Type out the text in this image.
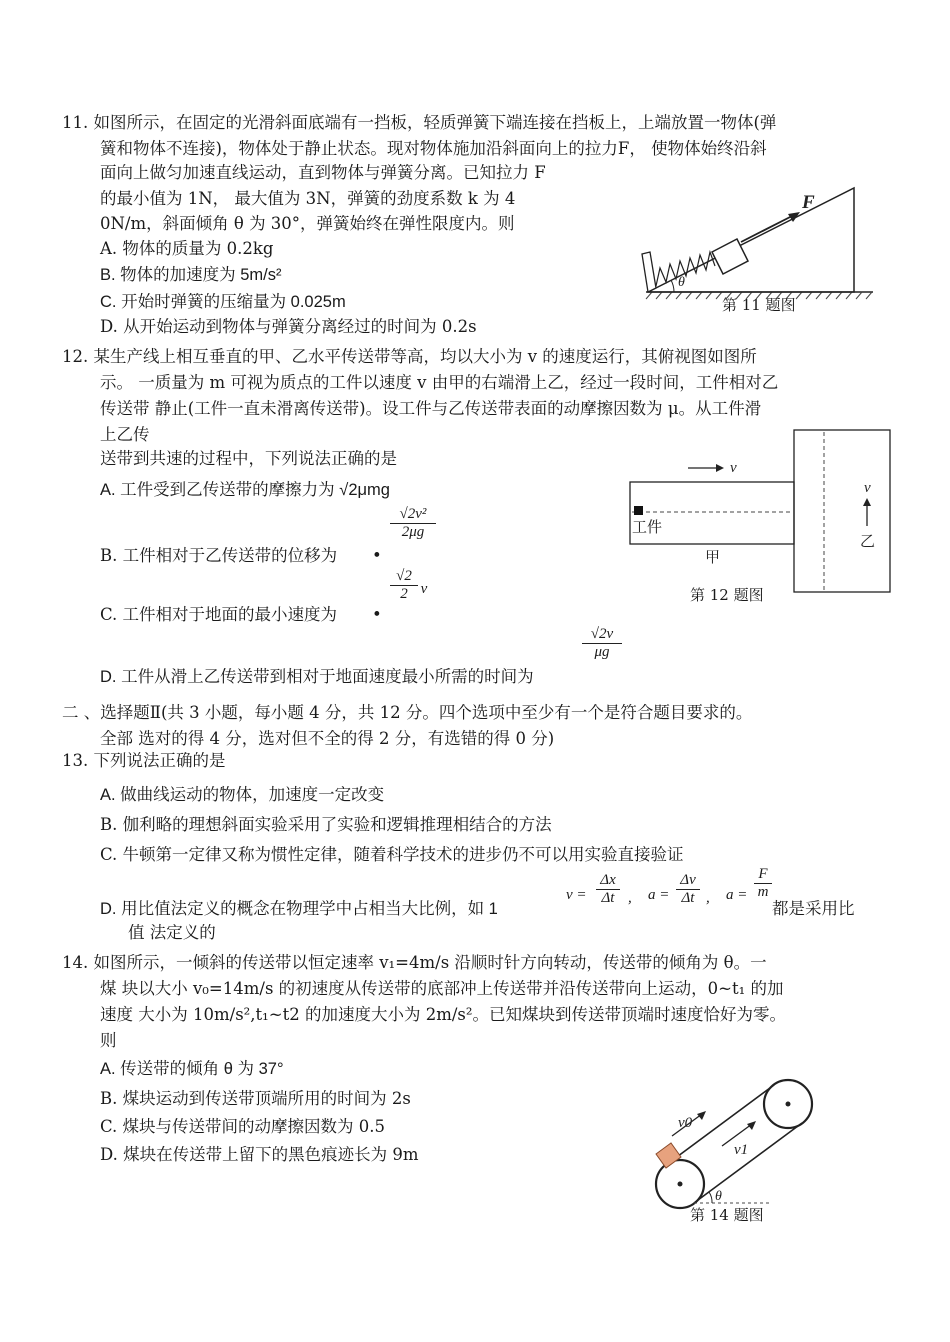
11. 如图所示，在固定的光滑斜面底端有一挡板，轻质弹簧下端连接在挡板上，上端放置一物体(弹
簧和物体不连接)，物体处于静止状态。现对物体施加沿斜面向上的拉力F， 使物体始终沿斜
面向上做匀加速直线运动，直到物体与弹簧分离。已知拉力 F
的最小值为 1N， 最大值为 3N，弹簧的劲度系数 k 为 4
0N/m，斜面倾角 θ 为 30°，弹簧始终在弹性限度内。则
A. 物体的质量为 0.2kg
B. 物体的加速度为 5m/s²
C. 开始时弹簧的压缩量为 0.025m
D. 从开始运动到物体与弹簧分离经过的时间为 0.2s
F
θ
第 11 题图
12. 某生产线上相互垂直的甲、乙水平传送带等高，均以大小为 v 的速度运行，其俯视图如图所
示。 一质量为 m 可视为质点的工件以速度 v 由甲的右端滑上乙，经过一段时间，工件相对乙
传送带 静止(工件一直未滑离传送带)。设工件与乙传送带表面的动摩擦因数为 μ。从工件滑
上乙传
送带到共速的过程中，下列说法正确的是
A. 工件受到乙传送带的摩擦力为 √2μmg
B. 工件相对于乙传送带的位移为 •
$\frac{\text{√2v²}}{2\mu g}$
C. 工件相对于地面的最小速度为 •
$\frac{√2}{2}$ v
D. 工件从滑上乙传送带到相对于地面速度最小所需的时间为
$\frac{√2v}{\mu g}$
v
v
工件
甲
乙
第 12 题图
二 、选择题Ⅱ(共 3 小题，每小题 4 分，共 12 分。四个选项中至少有一个是符合题目要求的。
全部 选对的得 4 分，选对但不全的得 2 分，有选错的得 0 分)
13. 下列说法正确的是
A. 做曲线运动的物体，加速度一定改变
B. 伽利略的理想斜面实验采用了实验和逻辑推理相结合的方法
C. 牛顿第一定律又称为惯性定律，随着科学技术的进步仍不可以用实验直接验证
D. 用比值法定义的概念在物理学中占相当大比例，如 1
$v = \frac{\Delta x}{\Delta t}$ , $a = \frac{\Delta v}{\Delta t}$ , $a = \frac{F}{m}$
都是采用比
值 法定义的
14. 如图所示，一倾斜的传送带以恒定速率 v₁=4m/s 沿顺时针方向转动，传送带的倾角为 θ。一
煤 块以大小 v₀=14m/s 的初速度从传送带的底部冲上传送带并沿传送带向上运动，0~t₁ 的加
速度 大小为 10m/s²,t₁~t2 的加速度大小为 2m/s²。已知煤块到传送带顶端时速度恰好为零。
则
A. 传送带的倾角 θ 为 37°
B. 煤块运动到传送带顶端所用的时间为 2s
C. 煤块与传送带间的动摩擦因数为 0.5
D. 煤块在传送带上留下的黑色痕迹长为 9m
v0
v1
θ
第 14 题图
